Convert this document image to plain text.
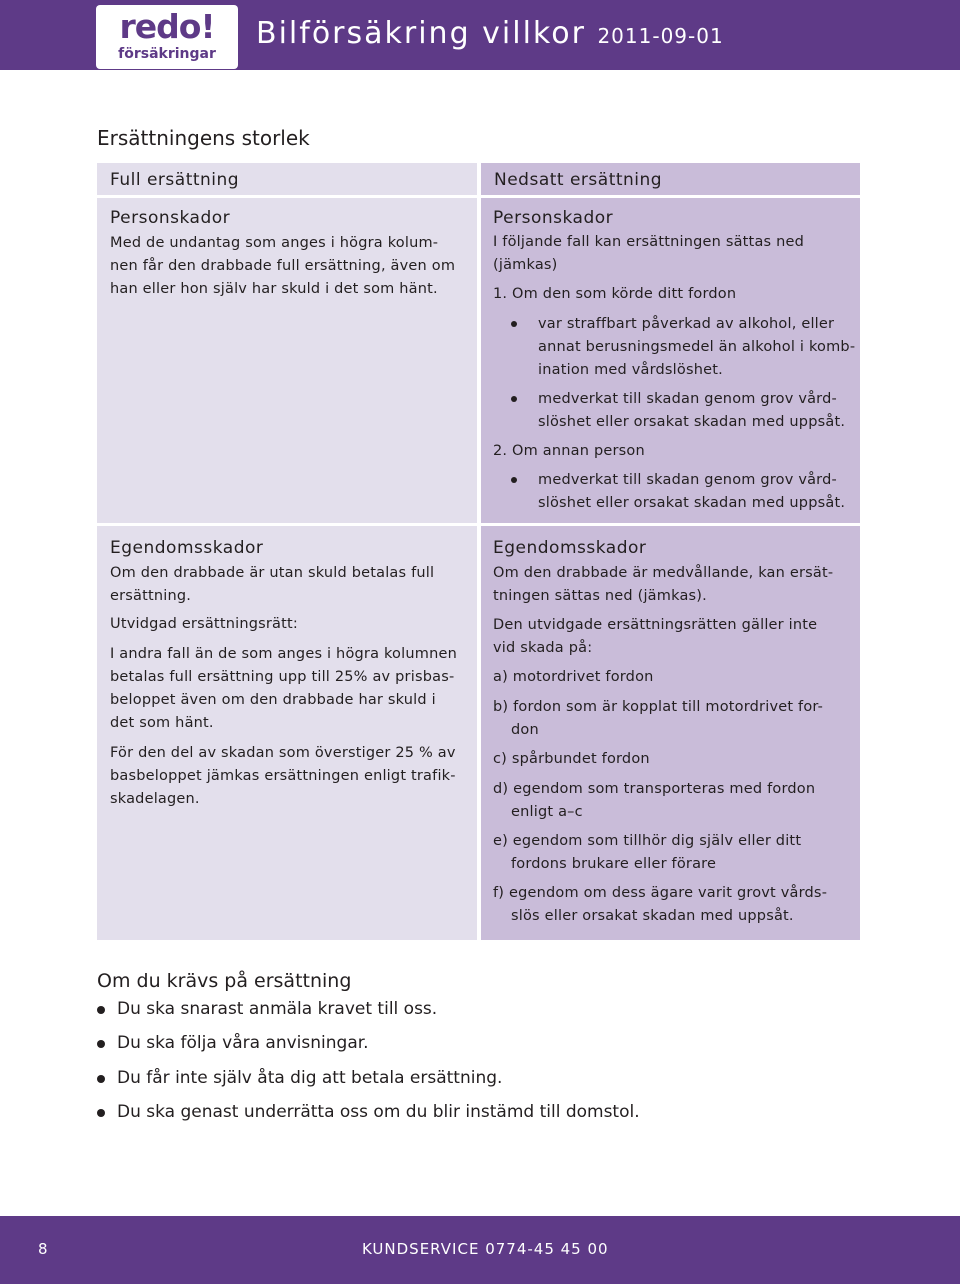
redo!
försäkringar
Bilförsäkring villkor 2011-09-01
Ersättningens storlek
Full ersättning
Personskador
Med de undantag som anges i högra kolum-
nen får den drabbade full ersättning, även om
han eller hon själv har skuld i det som hänt.
Egendomsskador
Om den drabbade är utan skuld betalas full
ersättning.
Utvidgad ersättningsrätt:
I andra fall än de som anges i högra kolumnen
betalas full ersättning upp till 25% av prisbas-
beloppet även om den drabbade har skuld i
det som hänt.
För den del av skadan som överstiger 25 % av
basbeloppet jämkas ersättningen enligt trafik-
skadelagen.
Nedsatt ersättning
Personskador
I följande fall kan ersättningen sättas ned
(jämkas)
1. Om den som körde ditt fordon
var straffbart påverkad av alkohol, eller
annat berusningsmedel än alkohol i komb-
ination med vårdslöshet.
medverkat till skadan genom grov vård-
slöshet eller orsakat skadan med uppsåt.
2. Om annan person
medverkat till skadan genom grov vård-
slöshet eller orsakat skadan med uppsåt.
Egendomsskador
Om den drabbade är medvållande, kan ersät-
tningen sättas ned (jämkas).
Den utvidgade ersättningsrätten gäller inte
vid skada på:
a) motordrivet fordon
b) fordon som är kopplat till motordrivet for-
don
c) spårbundet fordon
d) egendom som transporteras med fordon
enligt a–c
e) egendom som tillhör dig själv eller ditt
fordons brukare eller förare
f) egendom om dess ägare varit grovt vårds-
slös eller orsakat skadan med uppsåt.
Om du krävs på ersättning
Du ska snarast anmäla kravet till oss.
Du ska följa våra anvisningar.
Du får inte själv åta dig att betala ersättning.
Du ska genast underrätta oss om du blir instämd till domstol.
8	KUNDSERVICE 0774-45 45 00
